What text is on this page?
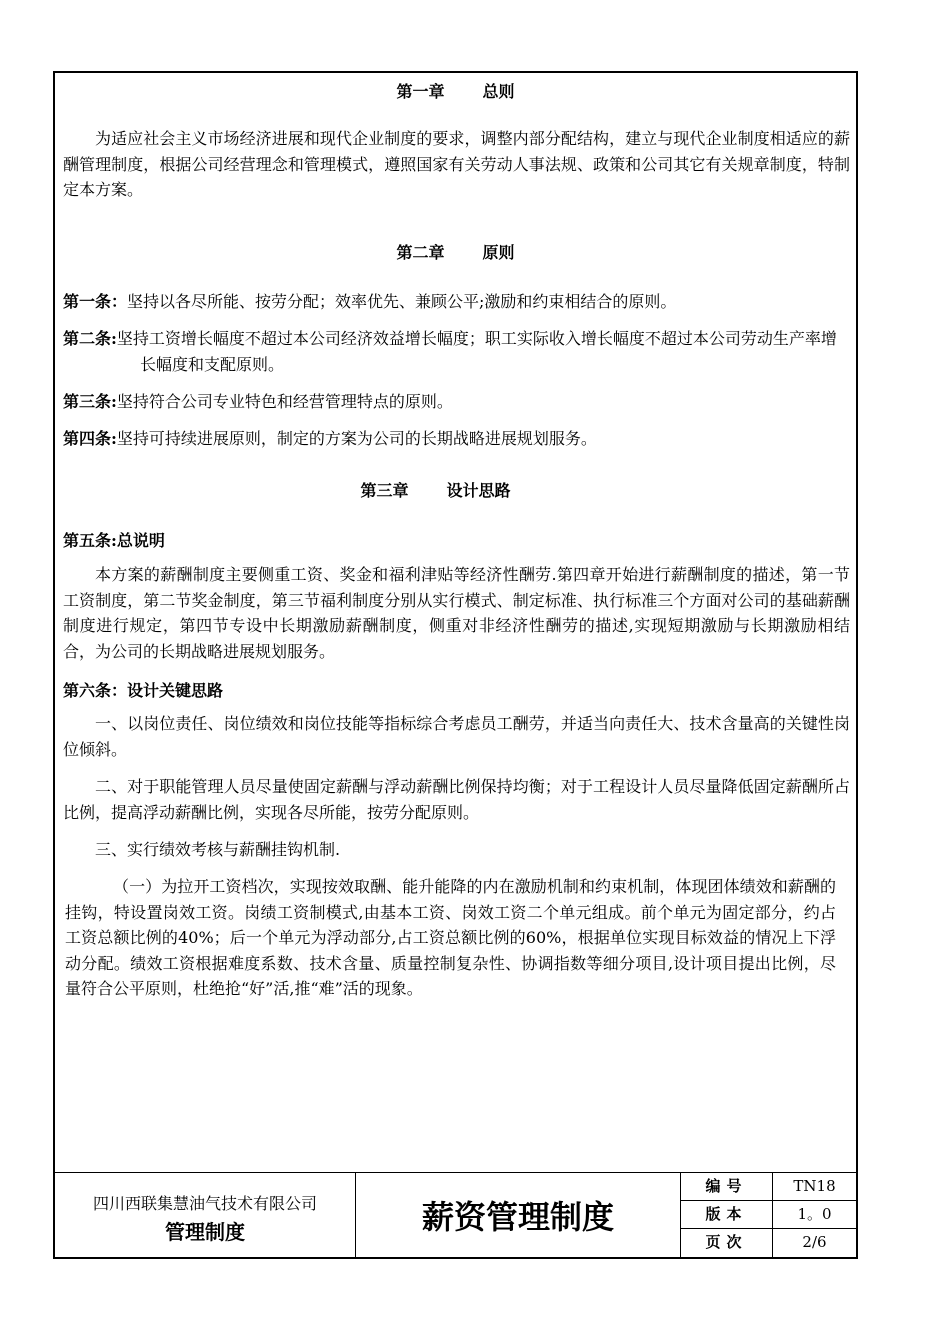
第一章 总则
为适应社会主义市场经济进展和现代企业制度的要求，调整内部分配结构，建立与现代企业制度相适应的薪酬管理制度，根据公司经营理念和管理模式，遵照国家有关劳动人事法规、政策和公司其它有关规章制度，特制定本方案。
第二章 原则
第一条：坚持以各尽所能、按劳分配；效率优先、兼顾公平;激励和约束相结合的原则。
第二条:坚持工资增长幅度不超过本公司经济效益增长幅度；职工实际收入增长幅度不超过本公司劳动生产率增长幅度和支配原则。
第三条:坚持符合公司专业特色和经营管理特点的原则。
第四条:坚持可持续进展原则，制定的方案为公司的长期战略进展规划服务。
第三章 设计思路
第五条:总说明
本方案的薪酬制度主要侧重工资、奖金和福利津贴等经济性酬劳.第四章开始进行薪酬制度的描述，第一节工资制度，第二节奖金制度，第三节福利制度分别从实行模式、制定标准、执行标准三个方面对公司的基础薪酬制度进行规定，第四节专设中长期激励薪酬制度，侧重对非经济性酬劳的描述,实现短期激励与长期激励相结合，为公司的长期战略进展规划服务。
第六条：设计关键思路
一、以岗位责任、岗位绩效和岗位技能等指标综合考虑员工酬劳，并适当向责任大、技术含量高的关键性岗位倾斜。
二、对于职能管理人员尽量使固定薪酬与浮动薪酬比例保持均衡；对于工程设计人员尽量降低固定薪酬所占比例，提高浮动薪酬比例，实现各尽所能，按劳分配原则。
三、实行绩效考核与薪酬挂钩机制.
（一）为拉开工资档次，实现按效取酬、能升能降的内在激励机制和约束机制，体现团体绩效和薪酬的挂钩，特设置岗效工资。岗绩工资制模式,由基本工资、岗效工资二个单元组成。前个单元为固定部分，约占工资总额比例的40%；后一个单元为浮动部分,占工资总额比例的60%，根据单位实现目标效益的情况上下浮动分配。绩效工资根据难度系数、技术含量、质量控制复杂性、协调指数等细分项目,设计项目提出比例，尽量符合公平原则，杜绝抢“好”活,推“难”活的现象。
四川西联集慧油气技术有限公司
管理制度	薪资管理制度
编号	TN18
版本	1。0
页次	2/6
